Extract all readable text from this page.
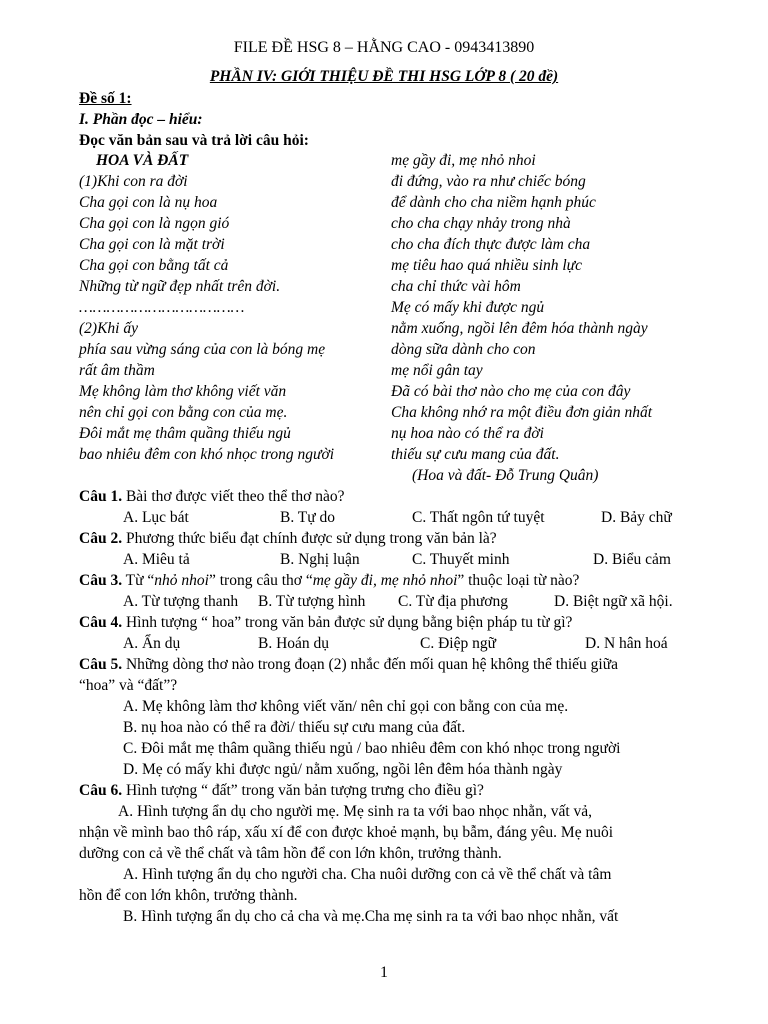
FILE ĐỀ HSG 8 – HẰNG CAO - 0943413890
PHẦN IV: GIỚI THIỆU ĐỀ THI HSG LỚP 8 ( 20 đề)
Đề số 1:
I. Phần đọc – hiểu:
Đọc văn bản sau và trả lời câu hỏi:
HOA VÀ ĐẤT
(1)Khi con ra đời
Cha gọi con là nụ hoa
Cha gọi con là ngọn gió
Cha gọi con là mặt trời
Cha gọi con bằng tất cả
Những từ ngữ đẹp nhất trên đời.
………………………………
(2)Khi ấy
phía sau vừng sáng của con là bóng mẹ
rất âm thầm
Mẹ không làm thơ không viết văn
nên chỉ gọi con bằng con của mẹ.
Đôi mắt mẹ thâm quầng thiếu ngủ
bao nhiêu đêm con khó nhọc trong người
mẹ gầy đi, mẹ nhỏ nhoi
đi đứng, vào ra như chiếc bóng
để dành cho cha niềm hạnh phúc
cho cha chạy nhảy trong nhà
cho cha đích thực được làm cha
mẹ tiêu hao quá nhiều sinh lực
cha chỉ thức vài hôm
Mẹ có mấy khi được ngủ
nằm xuống, ngồi lên đêm hóa thành ngày
dòng sữa dành cho con
mẹ nổi gân tay
Đã có bài thơ nào cho mẹ của con đây
Cha không nhớ ra một điều đơn giản nhất
nụ hoa nào có thể ra đời
thiếu sự cưu mang của đất.
(Hoa và đất- Đỗ Trung Quân)
Câu 1. Bài thơ được viết theo thể thơ nào?
A. Lục bát	B. Tự do	C. Thất ngôn tứ tuyệt	D. Bảy chữ
Câu 2. Phương thức biểu đạt chính được sử dụng trong văn bản là?
A. Miêu tả	B. Nghị luận	C. Thuyết minh	D. Biểu cảm
Câu 3. Từ “nhỏ nhoi” trong câu thơ “mẹ gầy đi, mẹ nhỏ nhoi” thuộc loại từ nào?
A. Từ tượng thanh B. Từ tượng hình C. Từ địa phương	D. Biệt ngữ xã hội.
Câu 4. Hình tượng “ hoa” trong văn bản được sử dụng bằng biện pháp tu từ gì?
A. Ẩn dụ	B. Hoán dụ	C. Điệp ngữ	D. N hân hoá
Câu 5. Những dòng thơ nào trong đoạn (2) nhắc đến mối quan hệ không thể thiếu giữa
“hoa” và “đất”?
A. Mẹ không làm thơ không viết văn/ nên chỉ gọi con bằng con của mẹ.
B. nụ hoa nào có thể ra đời/ thiếu sự cưu mang của đất.
C. Đôi mắt mẹ thâm quầng thiếu ngủ / bao nhiêu đêm con khó nhọc trong người
D. Mẹ có mấy khi được ngủ/ nằm xuống, ngồi lên đêm hóa thành ngày
Câu 6. Hình tượng “ đất” trong văn bản tượng trưng cho điều gì?
A. Hình tượng ẩn dụ cho người mẹ. Mẹ sinh ra ta với bao nhọc nhằn, vất vả,
nhận về mình bao thô ráp, xấu xí để con được khoẻ mạnh, bụ bẫm, đáng yêu. Mẹ nuôi
dưỡng con cả về thể chất và tâm hồn để con lớn khôn, trưởng thành.
A. Hình tượng ẩn dụ cho người cha. Cha nuôi dưỡng con cả về thể chất và tâm
hồn để con lớn khôn, trưởng thành.
B. Hình tượng ẩn dụ cho cả cha và mẹ.Cha mẹ sinh ra ta với bao nhọc nhằn, vất
1
